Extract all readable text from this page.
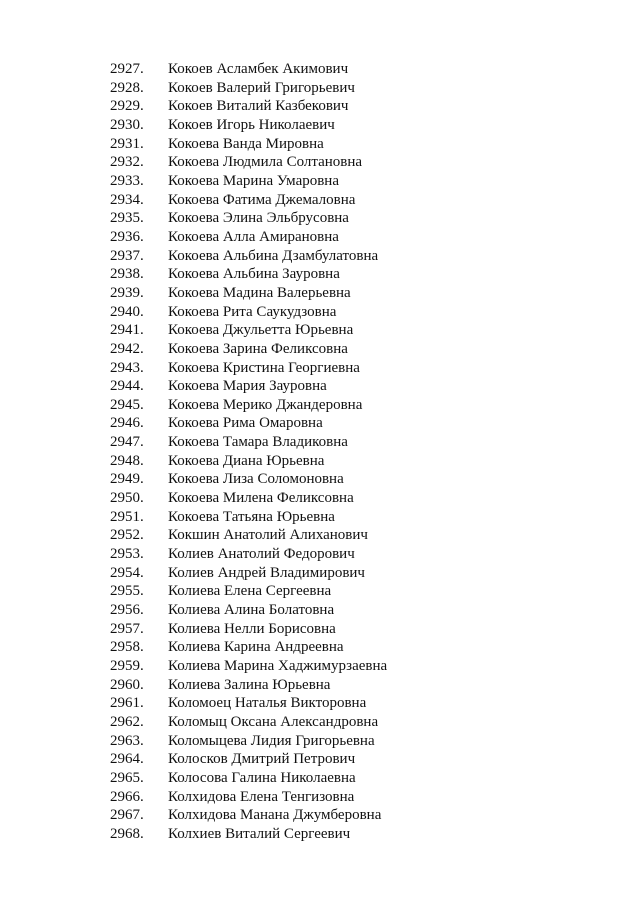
2927. Кокоев Асламбек Акимович
2928. Кокоев Валерий Григорьевич
2929. Кокоев Виталий Казбекович
2930. Кокоев Игорь Николаевич
2931. Кокоева Ванда Мировна
2932. Кокоева Людмила Солтановна
2933. Кокоева Марина Умаровна
2934. Кокоева Фатима Джемаловна
2935. Кокоева Элина Эльбрусовна
2936. Кокоева Алла Амирановна
2937. Кокоева Альбина Дзамбулатовна
2938. Кокоева Альбина Зауровна
2939. Кокоева Мадина Валерьевна
2940. Кокоева Рита Саукудзовна
2941. Кокоева Джульетта Юрьевна
2942. Кокоева Зарина Феликсовна
2943. Кокоева Кристина Георгиевна
2944. Кокоева Мария Зауровна
2945. Кокоева Мерико Джандеровна
2946. Кокоева Рима Омаровна
2947. Кокоева Тамара Владиковна
2948. Кокоева Диана Юрьевна
2949. Кокоева Лиза Соломоновна
2950. Кокоева Милена Феликсовна
2951. Кокоева Татьяна Юрьевна
2952. Кокшин Анатолий Алиханович
2953. Колиев Анатолий Федорович
2954. Колиев Андрей Владимирович
2955. Колиева Елена Сергеевна
2956. Колиева Алина Болатовна
2957. Колиева Нелли Борисовна
2958. Колиева Карина Андреевна
2959. Колиева Марина Хаджимурзаевна
2960. Колиева Залина Юрьевна
2961. Коломоец Наталья Викторовна
2962. Коломыц Оксана Александровна
2963. Коломыцева Лидия Григорьевна
2964. Колосков Дмитрий Петрович
2965. Колосова Галина Николаевна
2966. Колхидова Елена Тенгизовна
2967. Колхидова Манана Джумберовна
2968. Колхиев Виталий Сергеевич
